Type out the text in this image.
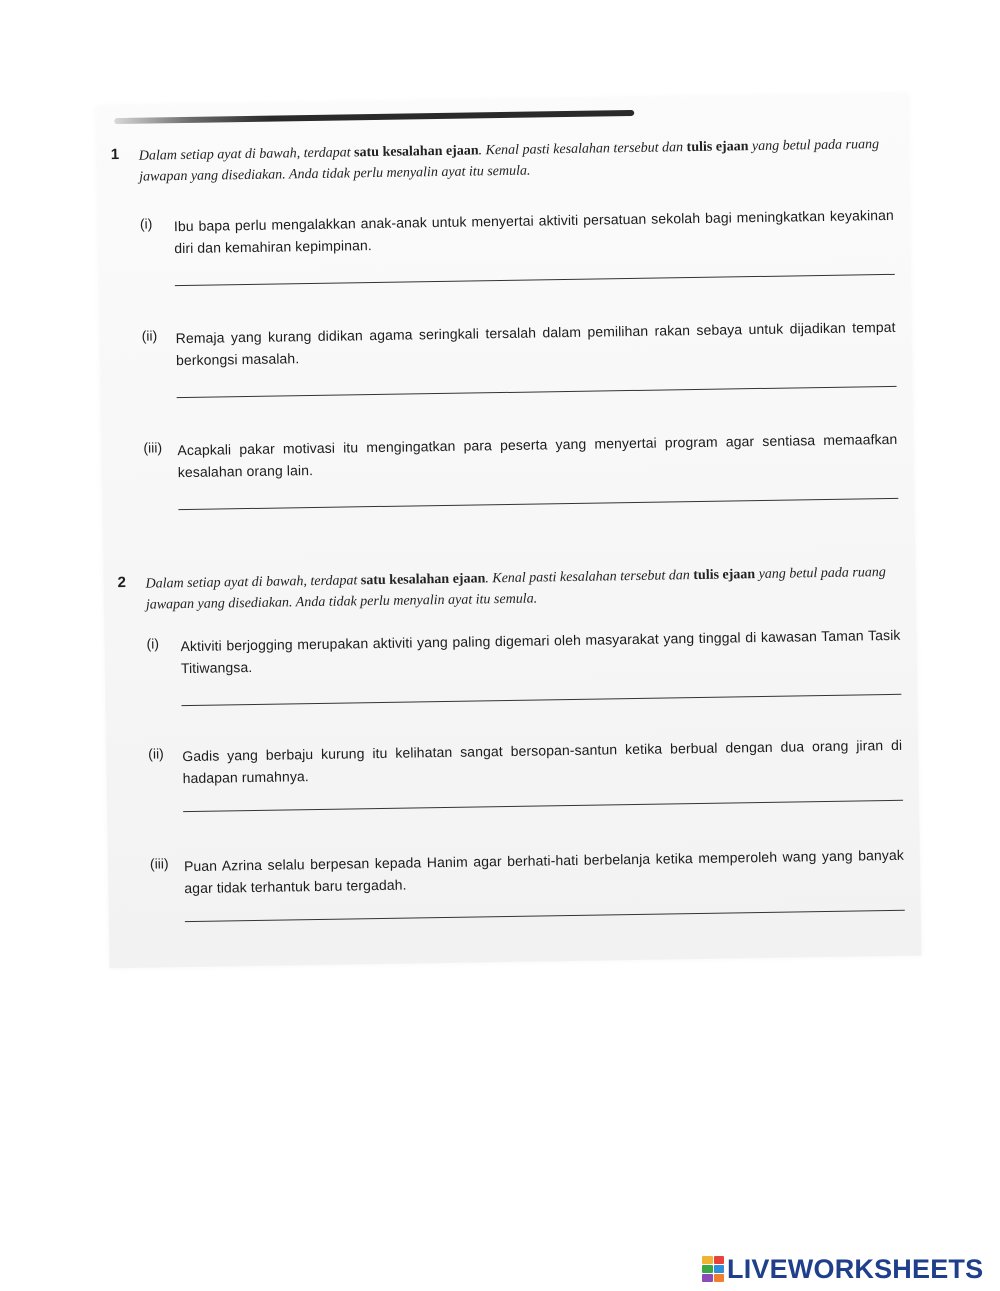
1 Dalam setiap ayat di bawah, terdapat satu kesalahan ejaan. Kenal pasti kesalahan tersebut dan tulis ejaan yang betul pada ruang jawapan yang disediakan. Anda tidak perlu menyalin ayat itu semula.
(i)	Ibu bapa perlu mengalakkan anak-anak untuk menyertai aktiviti persatuan sekolah bagi meningkatkan keyakinan diri dan kemahiran kepimpinan.
(ii)	Remaja yang kurang didikan agama seringkali tersalah dalam pemilihan rakan sebaya untuk dijadikan tempat berkongsi masalah.
(iii)	Acapkali pakar motivasi itu mengingatkan para peserta yang menyertai program agar sentiasa memaafkan kesalahan orang lain.
2 Dalam setiap ayat di bawah, terdapat satu kesalahan ejaan. Kenal pasti kesalahan tersebut dan tulis ejaan yang betul pada ruang jawapan yang disediakan. Anda tidak perlu menyalin ayat itu semula.
(i)	Aktiviti berjogging merupakan aktiviti yang paling digemari oleh masyarakat yang tinggal di kawasan Taman Tasik Titiwangsa.
(ii)	Gadis yang berbaju kurung itu kelihatan sangat bersopan-santun ketika berbual dengan dua orang jiran di hadapan rumahnya.
(iii)	Puan Azrina selalu berpesan kepada Hanim agar berhati-hati berbelanja ketika memperoleh wang yang banyak agar tidak terhantuk baru tergadah.
LIVEWORKSHEETS
